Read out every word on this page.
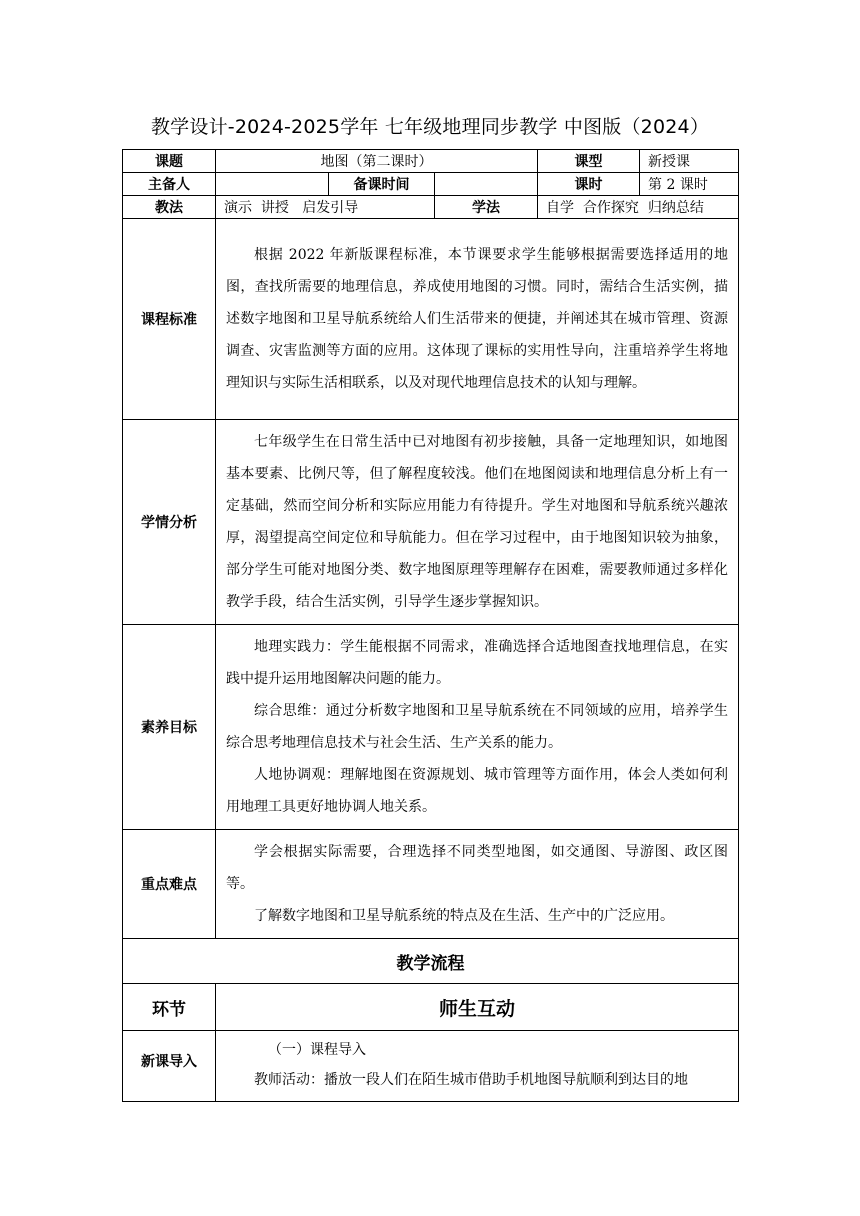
教学设计-2024-2025学年 七年级地理同步教学 中图版（2024）
课题	地图（第二课时）			课型	新授课
主备人		备课时间		课时	第 2 课时
教法	演示  讲授   启发引导		学法	自学  合作探究  归纳总结	
课程标准	根据 2022 年新版课程标准，本节课要求学生能够根据需要选择适用的地图，查找所需要的地理信息，养成使用地图的习惯。同时，需结合生活实例，描述数字地图和卫星导航系统给人们生活带来的便捷，并阐述其在城市管理、资源调查、灾害监测等方面的应用。这体现了课标的实用性导向，注重培养学生将地理知识与实际生活相联系，以及对现代地理信息技术的认知与理解。				

学情分析	七年级学生在日常生活中已对地图有初步接触，具备一定地理知识，如地图基本要素、比例尺等，但了解程度较浅。他们在地图阅读和地理信息分析上有一定基础，然而空间分析和实际应用能力有待提升。学生对地图和导航系统兴趣浓厚，渴望提高空间定位和导航能力。但在学习过程中，由于地图知识较为抽象，部分学生可能对地图分类、数字地图原理等理解存在困难，需要教师通过多样化教学手段，结合生活实例，引导学生逐步掌握知识。				

素养目标	地理实践力：学生能根据不同需求，准确选择合适地图查找地理信息，在实践中提升运用地图解决问题的能力。

综合思维：通过分析数字地图和卫星导航系统在不同领域的应用，培养学生综合思考地理信息技术与社会生活、生产关系的能力。

人地协调观：理解地图在资源规划、城市管理等方面作用，体会人类如何利用地理工具更好地协调人地关系。				

重点难点	学会根据实际需要，合理选择不同类型地图，如交通图、导游图、政区图等。

了解数字地图和卫星导航系统的特点及在生活、生产中的广泛应用。				

教学流程					
环节	师生互动				
新课导入	（一）课程导入

教师活动：播放一段人们在陌生城市借助手机地图导航顺利到达目的地				
